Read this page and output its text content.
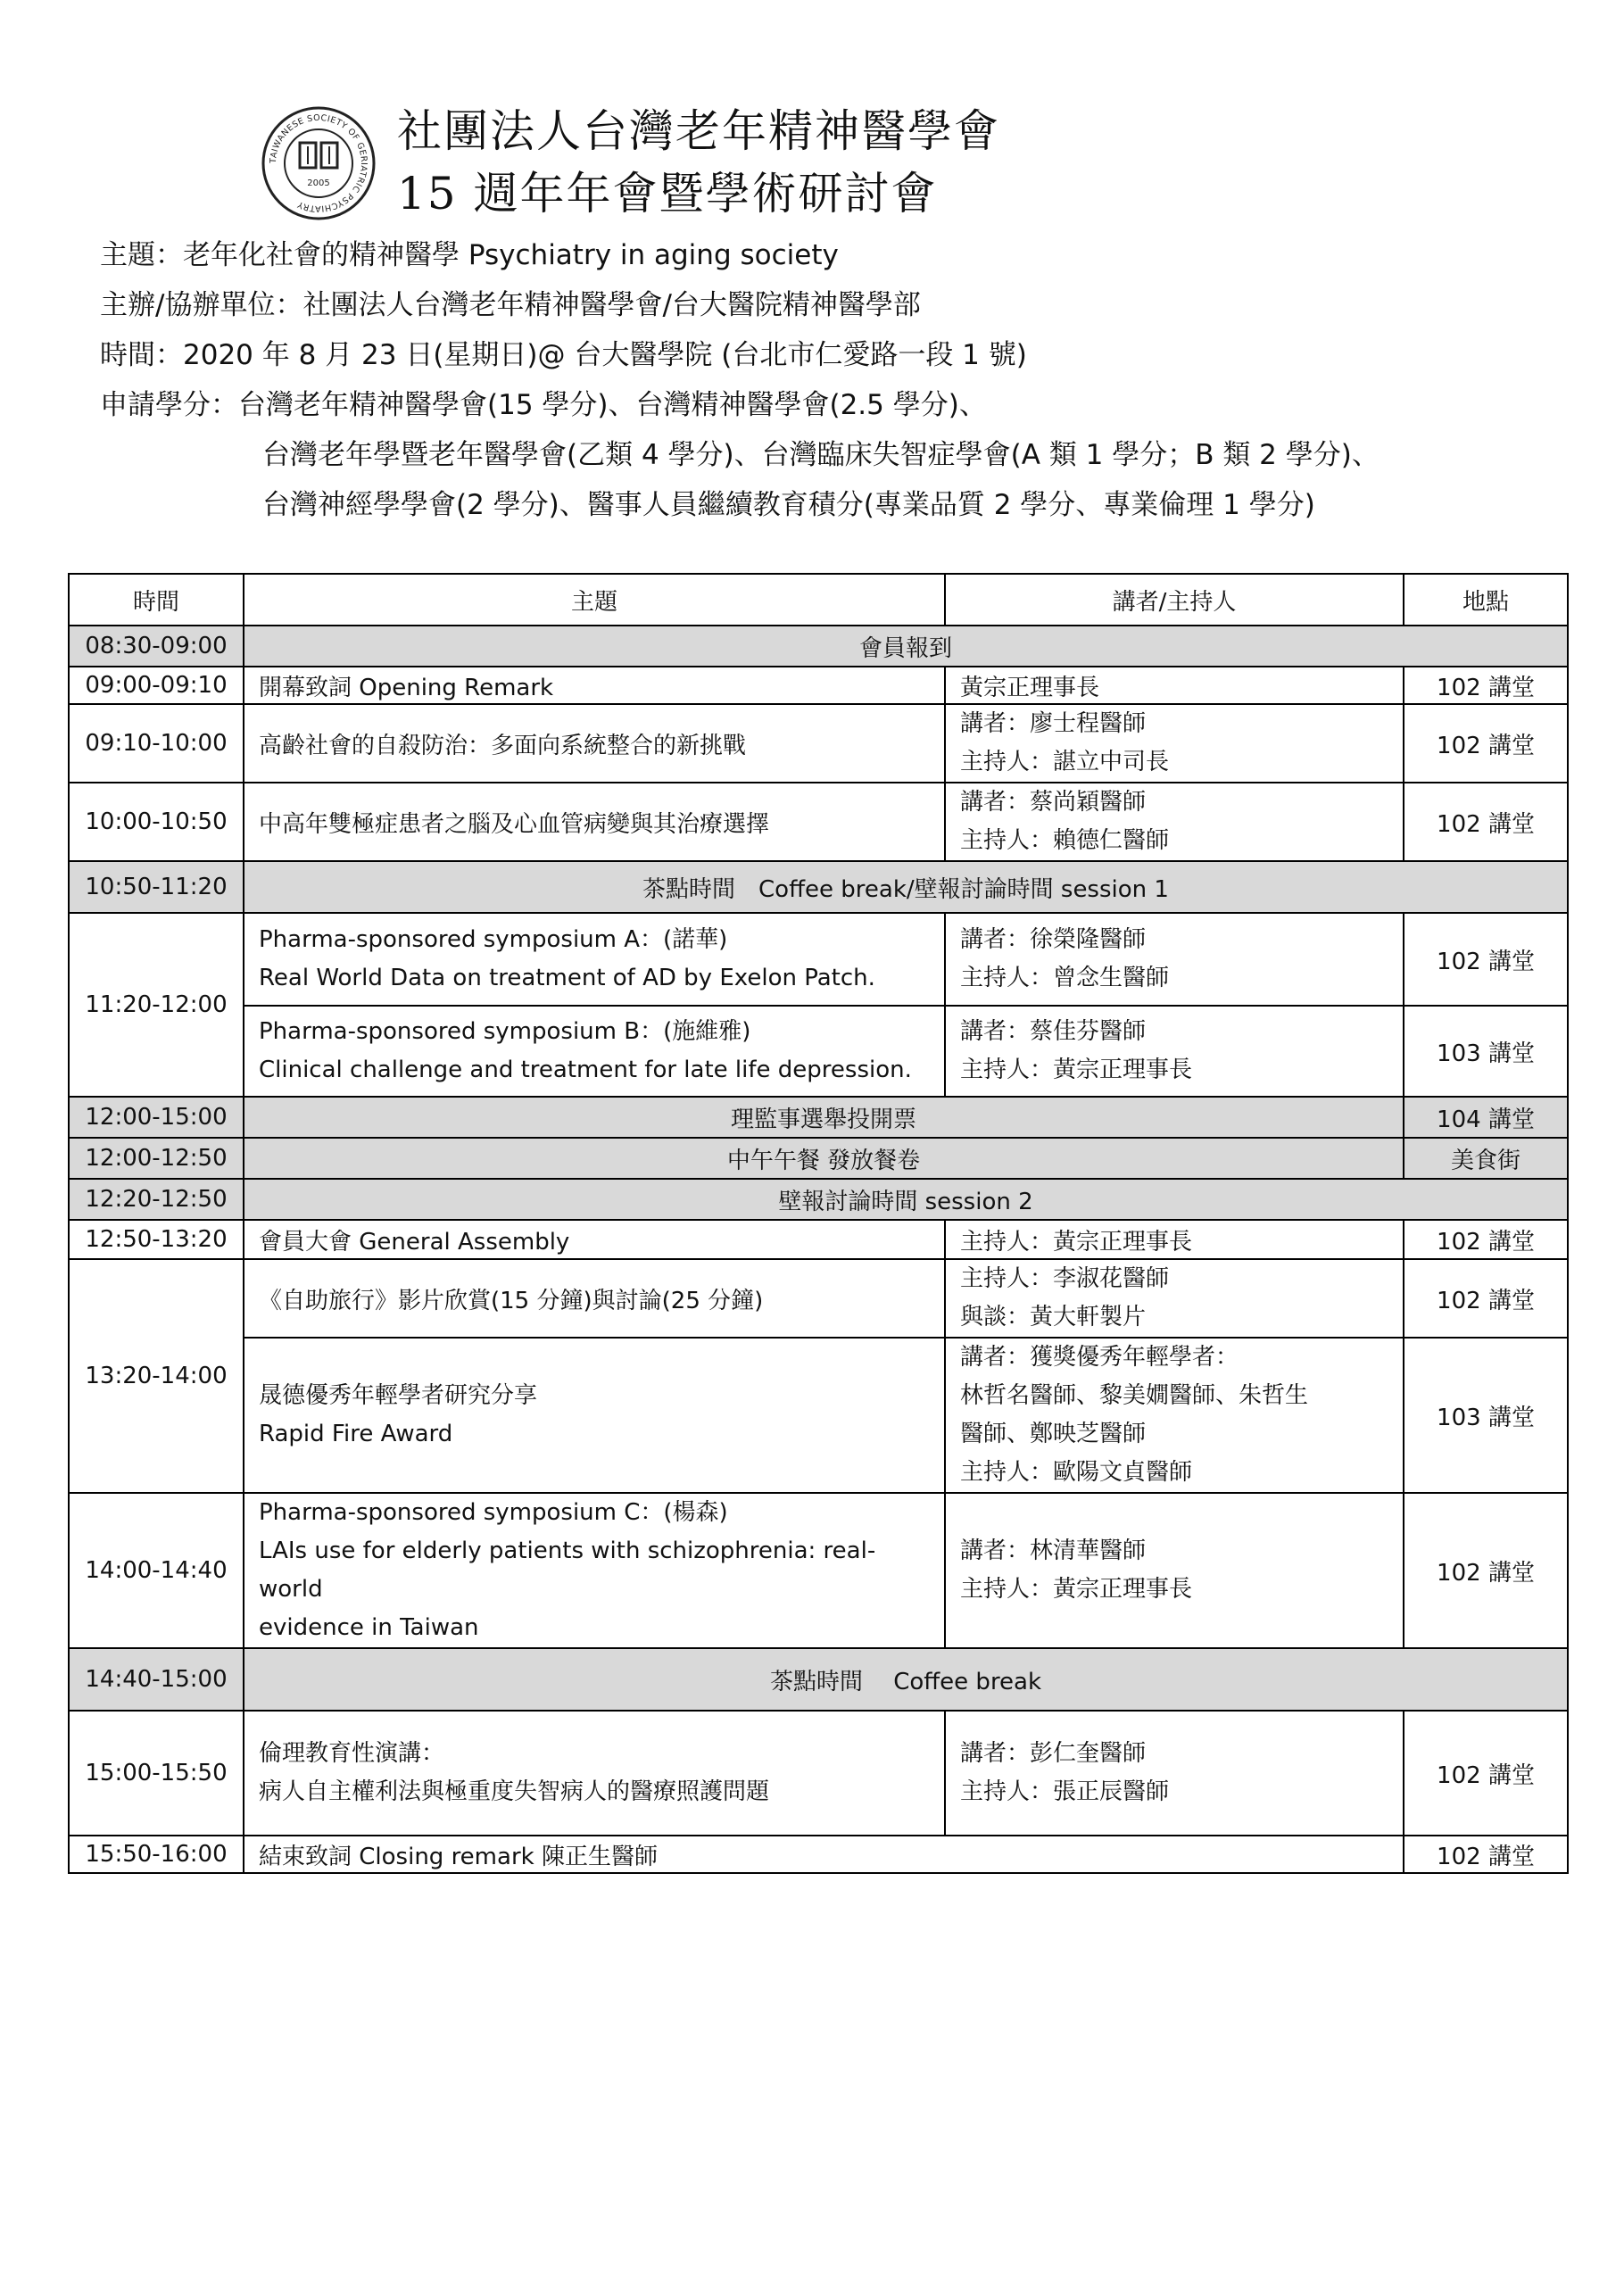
TAIWANESE SOCIETY OF GERIATRIC PSYCHIATRY
2005
社團法人台灣老年精神醫學會
15 週年年會暨學術研討會
主題：老年化社會的精神醫學 Psychiatry in aging society
主辦/協辦單位：社團法人台灣老年精神醫學會/台大醫院精神醫學部
時間：2020 年 8 月 23 日(星期日)@ 台大醫學院 (台北市仁愛路一段 1 號)
申請學分：台灣老年精神醫學會(15 學分)、台灣精神醫學會(2.5 學分)、
台灣老年學暨老年醫學會(乙類 4 學分)、台灣臨床失智症學會(A 類 1 學分；B 類 2 學分)、
台灣神經學學會(2 學分)、醫事人員繼續教育積分(專業品質 2 學分、專業倫理 1 學分)
時間	主題	講者/主持人	地點
08:30-09:00	會員報到		
09:00-09:10	開幕致詞 Opening Remark	黃宗正理事長	102 講堂
09:10-10:00	高齡社會的自殺防治：多面向系統整合的新挑戰	講者：廖士程醫師
主持人：諶立中司長	102 講堂
10:00-10:50	中高年雙極症患者之腦及心血管病變與其治療選擇	講者：蔡尚穎醫師
主持人：賴德仁醫師	102 講堂
10:50-11:20	茶點時間　Coffee break/壁報討論時間 session 1		
11:20-12:00	Pharma-sponsored symposium A：(諾華)
Real World Data on treatment of AD by Exelon Patch.	講者：徐榮隆醫師
主持人：曾念生醫師	102 講堂

	Pharma-sponsored symposium B：(施維雅)
Clinical challenge and treatment for late life depression.	講者：蔡佳芬醫師
主持人：黃宗正理事長	103 講堂
12:00-15:00	理監事選舉投開票		104 講堂
12:00-12:50	中午午餐 發放餐卷		美食街
12:20-12:50	壁報討論時間 session 2		
12:50-13:20	會員大會 General Assembly	主持人：黃宗正理事長	102 講堂
13:20-14:00	《自助旅行》影片欣賞(15 分鐘)與討論(25 分鐘)	主持人：李淑花醫師
與談：黃大軒製片	102 講堂

	晟德優秀年輕學者研究分享
Rapid Fire Award	講者：獲獎優秀年輕學者：
林哲名醫師、黎美嫺醫師、朱哲生
醫師、鄭映芝醫師
主持人：歐陽文貞醫師	103 講堂
14:00-14:40	Pharma-sponsored symposium C：(楊森)
LAIs use for elderly patients with schizophrenia: real-world
evidence in Taiwan	講者：林清華醫師
主持人：黃宗正理事長	102 講堂
14:40-15:00	茶點時間　 Coffee break		
15:00-15:50	倫理教育性演講：
病人自主權利法與極重度失智病人的醫療照護問題	講者：彭仁奎醫師
主持人：張正辰醫師	102 講堂
15:50-16:00	結束致詞 Closing remark 陳正生醫師		102 講堂
